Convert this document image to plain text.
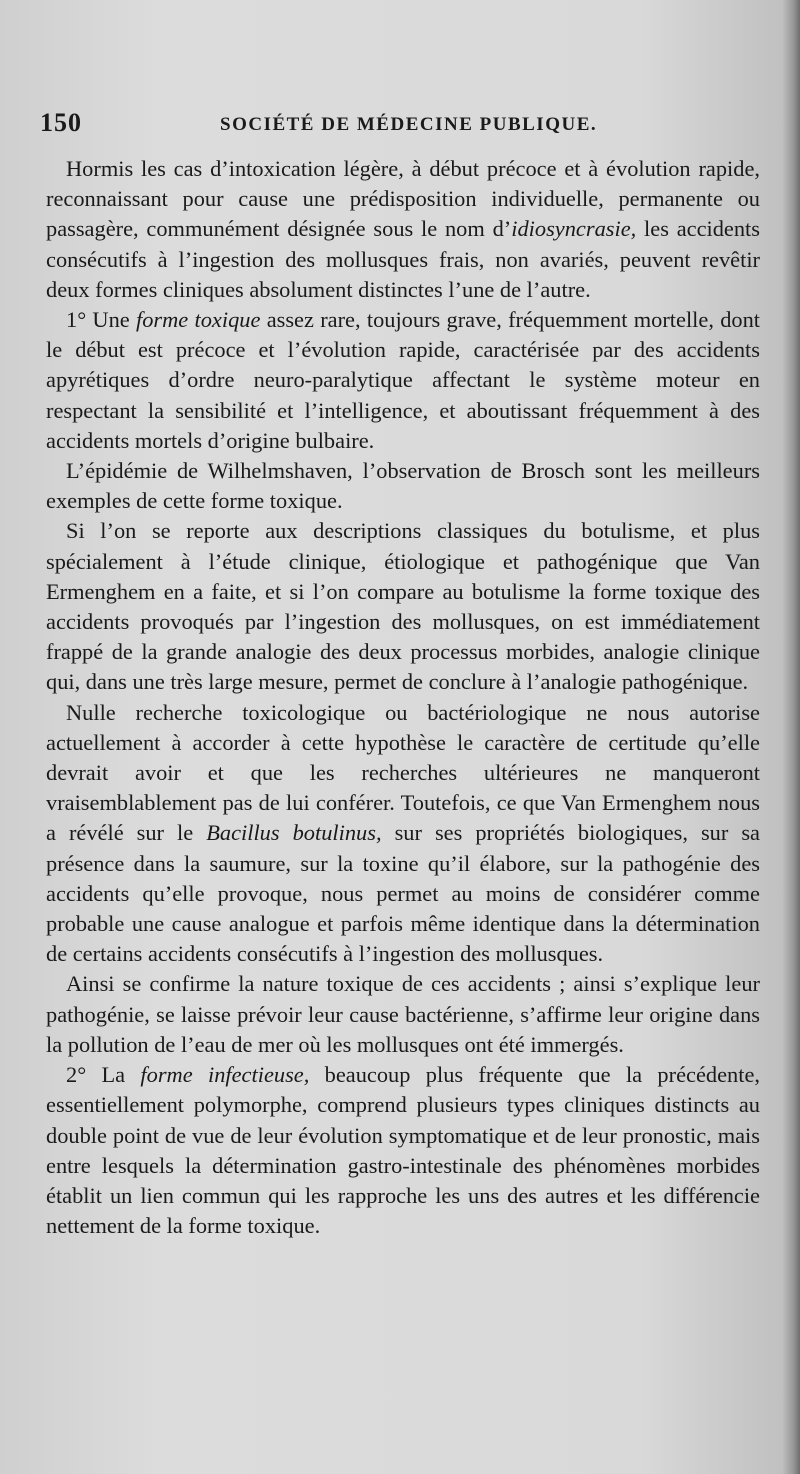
150	SOCIÉTÉ DE MÉDECINE PUBLIQUE.

Hormis les cas d’intoxication légère, à début précoce et à évolution rapide, reconnaissant pour cause une prédisposition individuelle, permanente ou passagère, communément désignée sous le nom d’idiosyncrasie, les accidents consécutifs à l’ingestion des mollusques frais, non avariés, peuvent revêtir deux formes cliniques absolument distinctes l’une de l’autre.

1° Une forme toxique assez rare, toujours grave, fréquemment mortelle, dont le début est précoce et l’évolution rapide, caractérisée par des accidents apyrétiques d’ordre neuro-paralytique affectant le système moteur en respectant la sensibilité et l’intelligence, et aboutissant fréquemment à des accidents mortels d’origine bulbaire.

L’épidémie de Wilhelmshaven, l’observation de Brosch sont les meilleurs exemples de cette forme toxique.

Si l’on se reporte aux descriptions classiques du botulisme, et plus spécialement à l’étude clinique, étiologique et pathogénique que Van Ermenghem en a faite, et si l’on compare au botulisme la forme toxique des accidents provoqués par l’ingestion des mollusques, on est immédiatement frappé de la grande analogie des deux processus morbides, analogie clinique qui, dans une très large mesure, permet de conclure à l’analogie pathogénique.

Nulle recherche toxicologique ou bactériologique ne nous autorise actuellement à accorder à cette hypothèse le caractère de certitude qu’elle devrait avoir et que les recherches ultérieures ne manqueront vraisemblablement pas de lui conférer. Toutefois, ce que Van Ermenghem nous a révélé sur le Bacillus botulinus, sur ses propriétés biologiques, sur sa présence dans la saumure, sur la toxine qu’il élabore, sur la pathogénie des accidents qu’elle provoque, nous permet au moins de considérer comme probable une cause analogue et parfois même identique dans la détermination de certains accidents consécutifs à l’ingestion des mollusques.

Ainsi se confirme la nature toxique de ces accidents ; ainsi s’explique leur pathogénie, se laisse prévoir leur cause bactérienne, s’affirme leur origine dans la pollution de l’eau de mer où les mollusques ont été immergés.

2° La forme infectieuse, beaucoup plus fréquente que la précédente, essentiellement polymorphe, comprend plusieurs types cliniques distincts au double point de vue de leur évolution symptomatique et de leur pronostic, mais entre lesquels la détermination gastro-intestinale des phénomènes morbides établit un lien commun qui les rapproche les uns des autres et les différencie nettement de la forme toxique.
